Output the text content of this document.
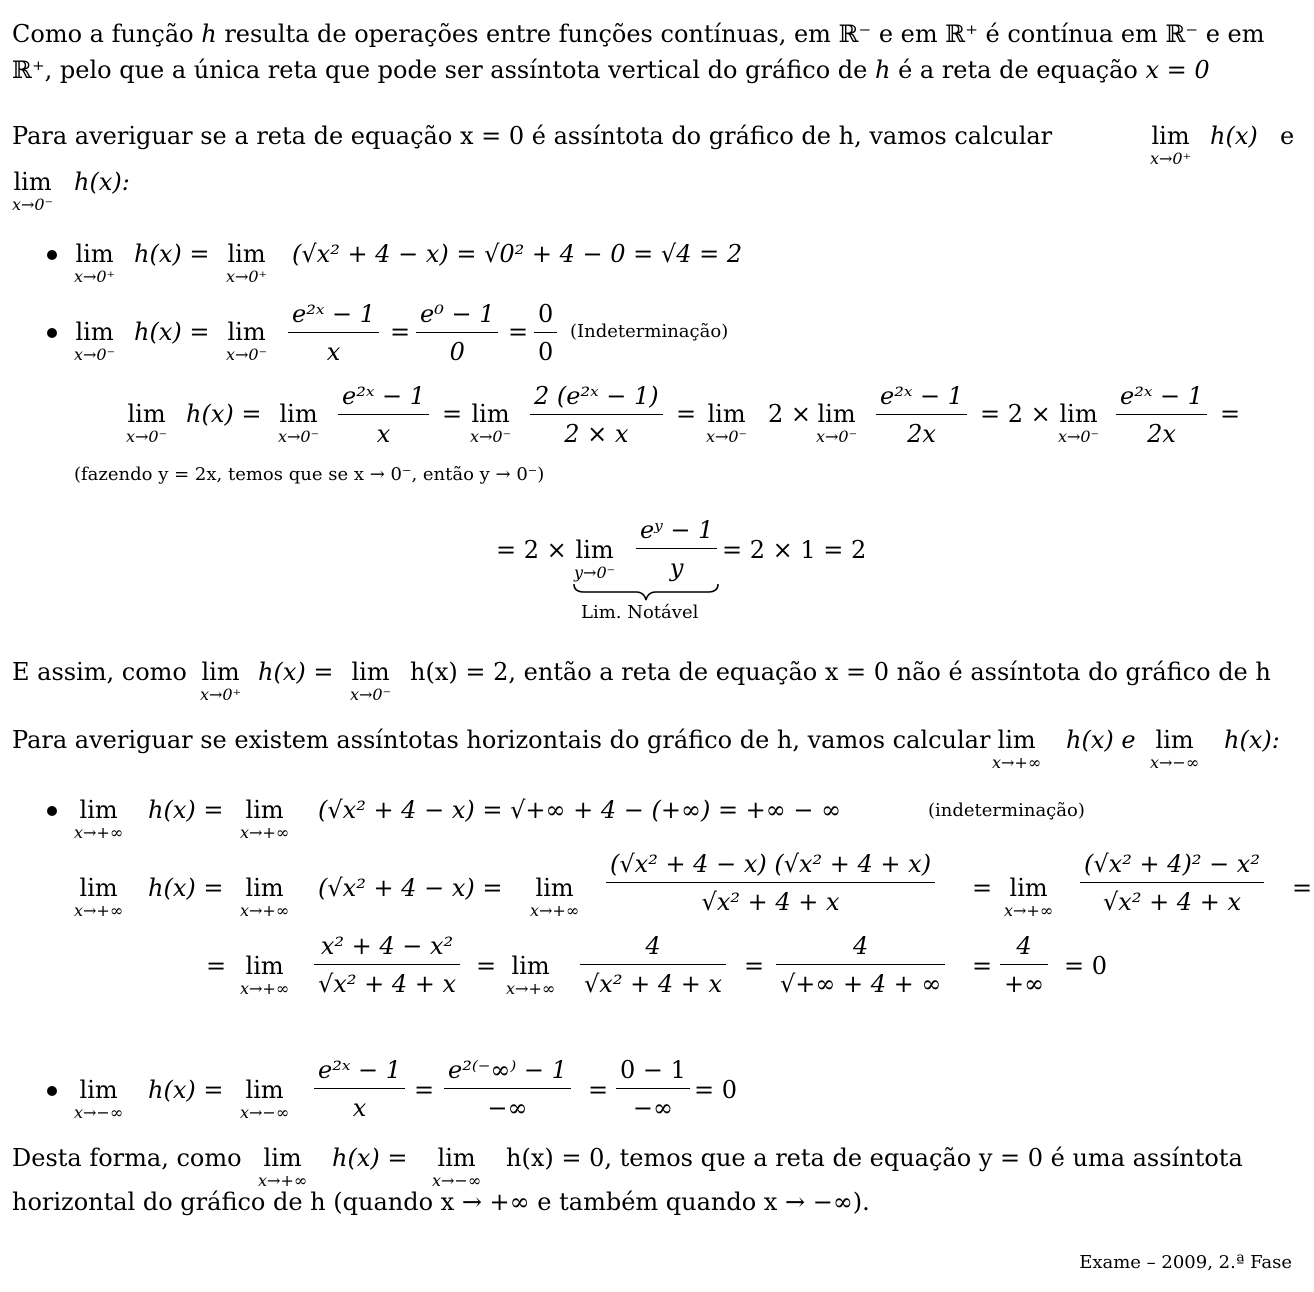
Como a função h resulta de operações entre funções contínuas, em ℝ⁻ e em ℝ⁺ é contínua em ℝ⁻ e em
ℝ⁺, pelo que a única reta que pode ser assíntota vertical do gráfico de h é a reta de equação x = 0
Para averiguar se a reta de equação x = 0 é assíntota do gráfico de h, vamos calcular	lim
x→0⁺
h(x) e
lim
x→0⁻
h(x):
lim
x→0⁺
h(x) = lim
x→0⁺
(√x² + 4 − x) = √0² + 4 − 0 = √4 = 2
lim
x→0⁻
h(x) = lim
x→0⁻
e²ˣ − 1
x
=
e⁰ − 1
0
=
0
0
(Indeterminação)
lim
x→0⁻
h(x) = lim
x→0⁻
e²ˣ − 1
x
= lim
x→0⁻
2 (e²ˣ − 1)
2 × x
= lim
x→0⁻
2 × lim
x→0⁻
e²ˣ − 1
2x
= 2 × lim
x→0⁻
e²ˣ − 1
2x
=
(fazendo y = 2x, temos que se x → 0⁻, então y → 0⁻)
= 2 × lim
y→0⁻
eʸ − 1
y
= 2 × 1 = 2
Lim. Notável
E assim, como lim
x→0⁺
h(x) = lim
x→0⁻
h(x) = 2, então a reta de equação x = 0 não é assíntota do gráfico de h
Para averiguar se existem assíntotas horizontais do gráfico de h, vamos calcular lim
x→+∞
h(x) e lim
x→−∞
h(x):
lim
x→+∞
h(x) = lim
x→+∞
(√x² + 4 − x) = √+∞ + 4 − (+∞) = +∞ − ∞	(indeterminação)
lim
x→+∞
h(x) = lim
x→+∞
(√x² + 4 − x) = lim
x→+∞
(√x² + 4 − x) (√x² + 4 + x)
√x² + 4 + x	= lim
x→+∞
(√x² + 4)² − x²
√x² + 4 + x	=
= lim
x→+∞
x² + 4 − x²
√x² + 4 + x
= lim
x→+∞
4
√x² + 4 + x
=
4
√+∞ + 4 + ∞
=
4
+∞
= 0
lim
x→−∞
h(x) = lim
x→−∞
e²ˣ − 1
x
=
e²⁽⁻∞⁾ − 1
−∞
=
0 − 1
−∞
= 0
Desta forma, como lim
x→+∞
h(x) = lim
x→−∞
h(x) = 0, temos que a reta de equação y = 0 é uma assíntota
horizontal do gráfico de h (quando x → +∞ e também quando x → −∞).
Exame – 2009, 2.ª Fase
